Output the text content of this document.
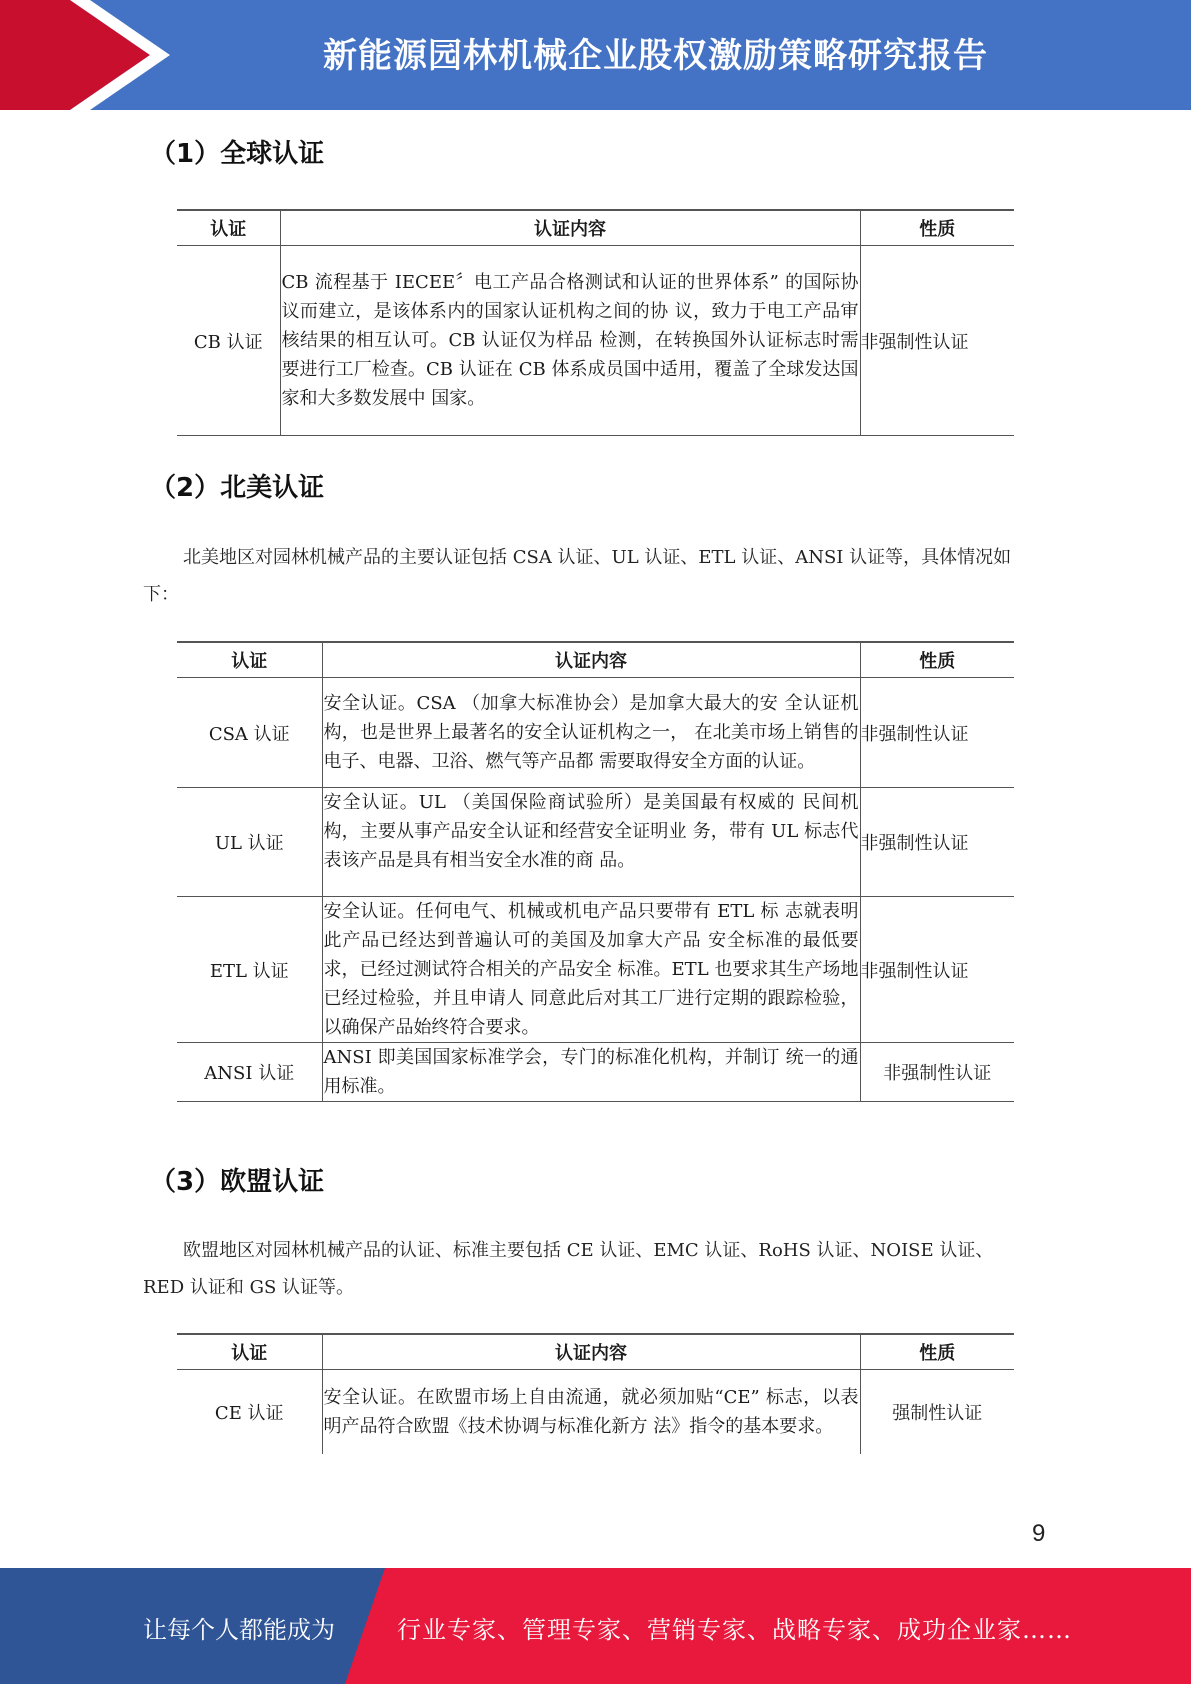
新能源园林机械企业股权激励策略研究报告
（1）全球认证
认证	认证内容	性质
CB 认证	CB 流程基于 IECEE〞电工产品合格测试和认证的世界体系” 的国际协议而建立，是该体系内的国家认证机构之间的协 议，致力于电工产品审核结果的相互认可。CB 认证仅为样品 检测，在转换国外认证标志时需要进行工厂检查。CB 认证在 CB 体系成员国中适用，覆盖了全球发达国家和大多数发展中 国家。	非强制性认证
（2）北美认证
北美地区对园林机械产品的主要认证包括 CSA 认证、UL 认证、ETL 认证、ANSI 认证等，具体情况如下：
认证	认证内容	性质
CSA 认证	安全认证。CSA （加拿大标准协会）是加拿大最大的安 全认证机构，也是世界上最著名的安全认证机构之一， 在北美市场上销售的电子、电器、卫浴、燃气等产品都 需要取得安全方面的认证。	非强制性认证
UL 认证	安全认证。UL （美国保险商试验所）是美国最有权威的 民间机构，主要从事产品安全认证和经营安全证明业 务，带有 UL 标志代表该产品是具有相当安全水准的商 品。	非强制性认证
ETL 认证	安全认证。任何电气、机械或机电产品只要带有 ETL 标 志就表明此产品已经达到普遍认可的美国及加拿大产品 安全标准的最低要求，已经过测试符合相关的产品安全 标准。ETL 也要求其生产场地已经过检验，并且申请人 同意此后对其工厂进行定期的跟踪检验，以确保产品始终符合要求。	非强制性认证
ANSI 认证	ANSI 即美国国家标准学会，专门的标准化机构，并制订 统一的通用标准。	非强制性认证
（3）欧盟认证
欧盟地区对园林机械产品的认证、标准主要包括 CE 认证、EMC 认证、RoHS 认证、NOISE 认证、RED 认证和 GS 认证等。
认证	认证内容	性质
CE 认证	安全认证。在欧盟市场上自由流通，就必须加贴“CE” 标志，以表明产品符合欧盟《技术协调与标准化新方 法》指令的基本要求。	强制性认证
9
让每个人都能成为	行业专家、管理专家、营销专家、战略专家、成功企业家……
